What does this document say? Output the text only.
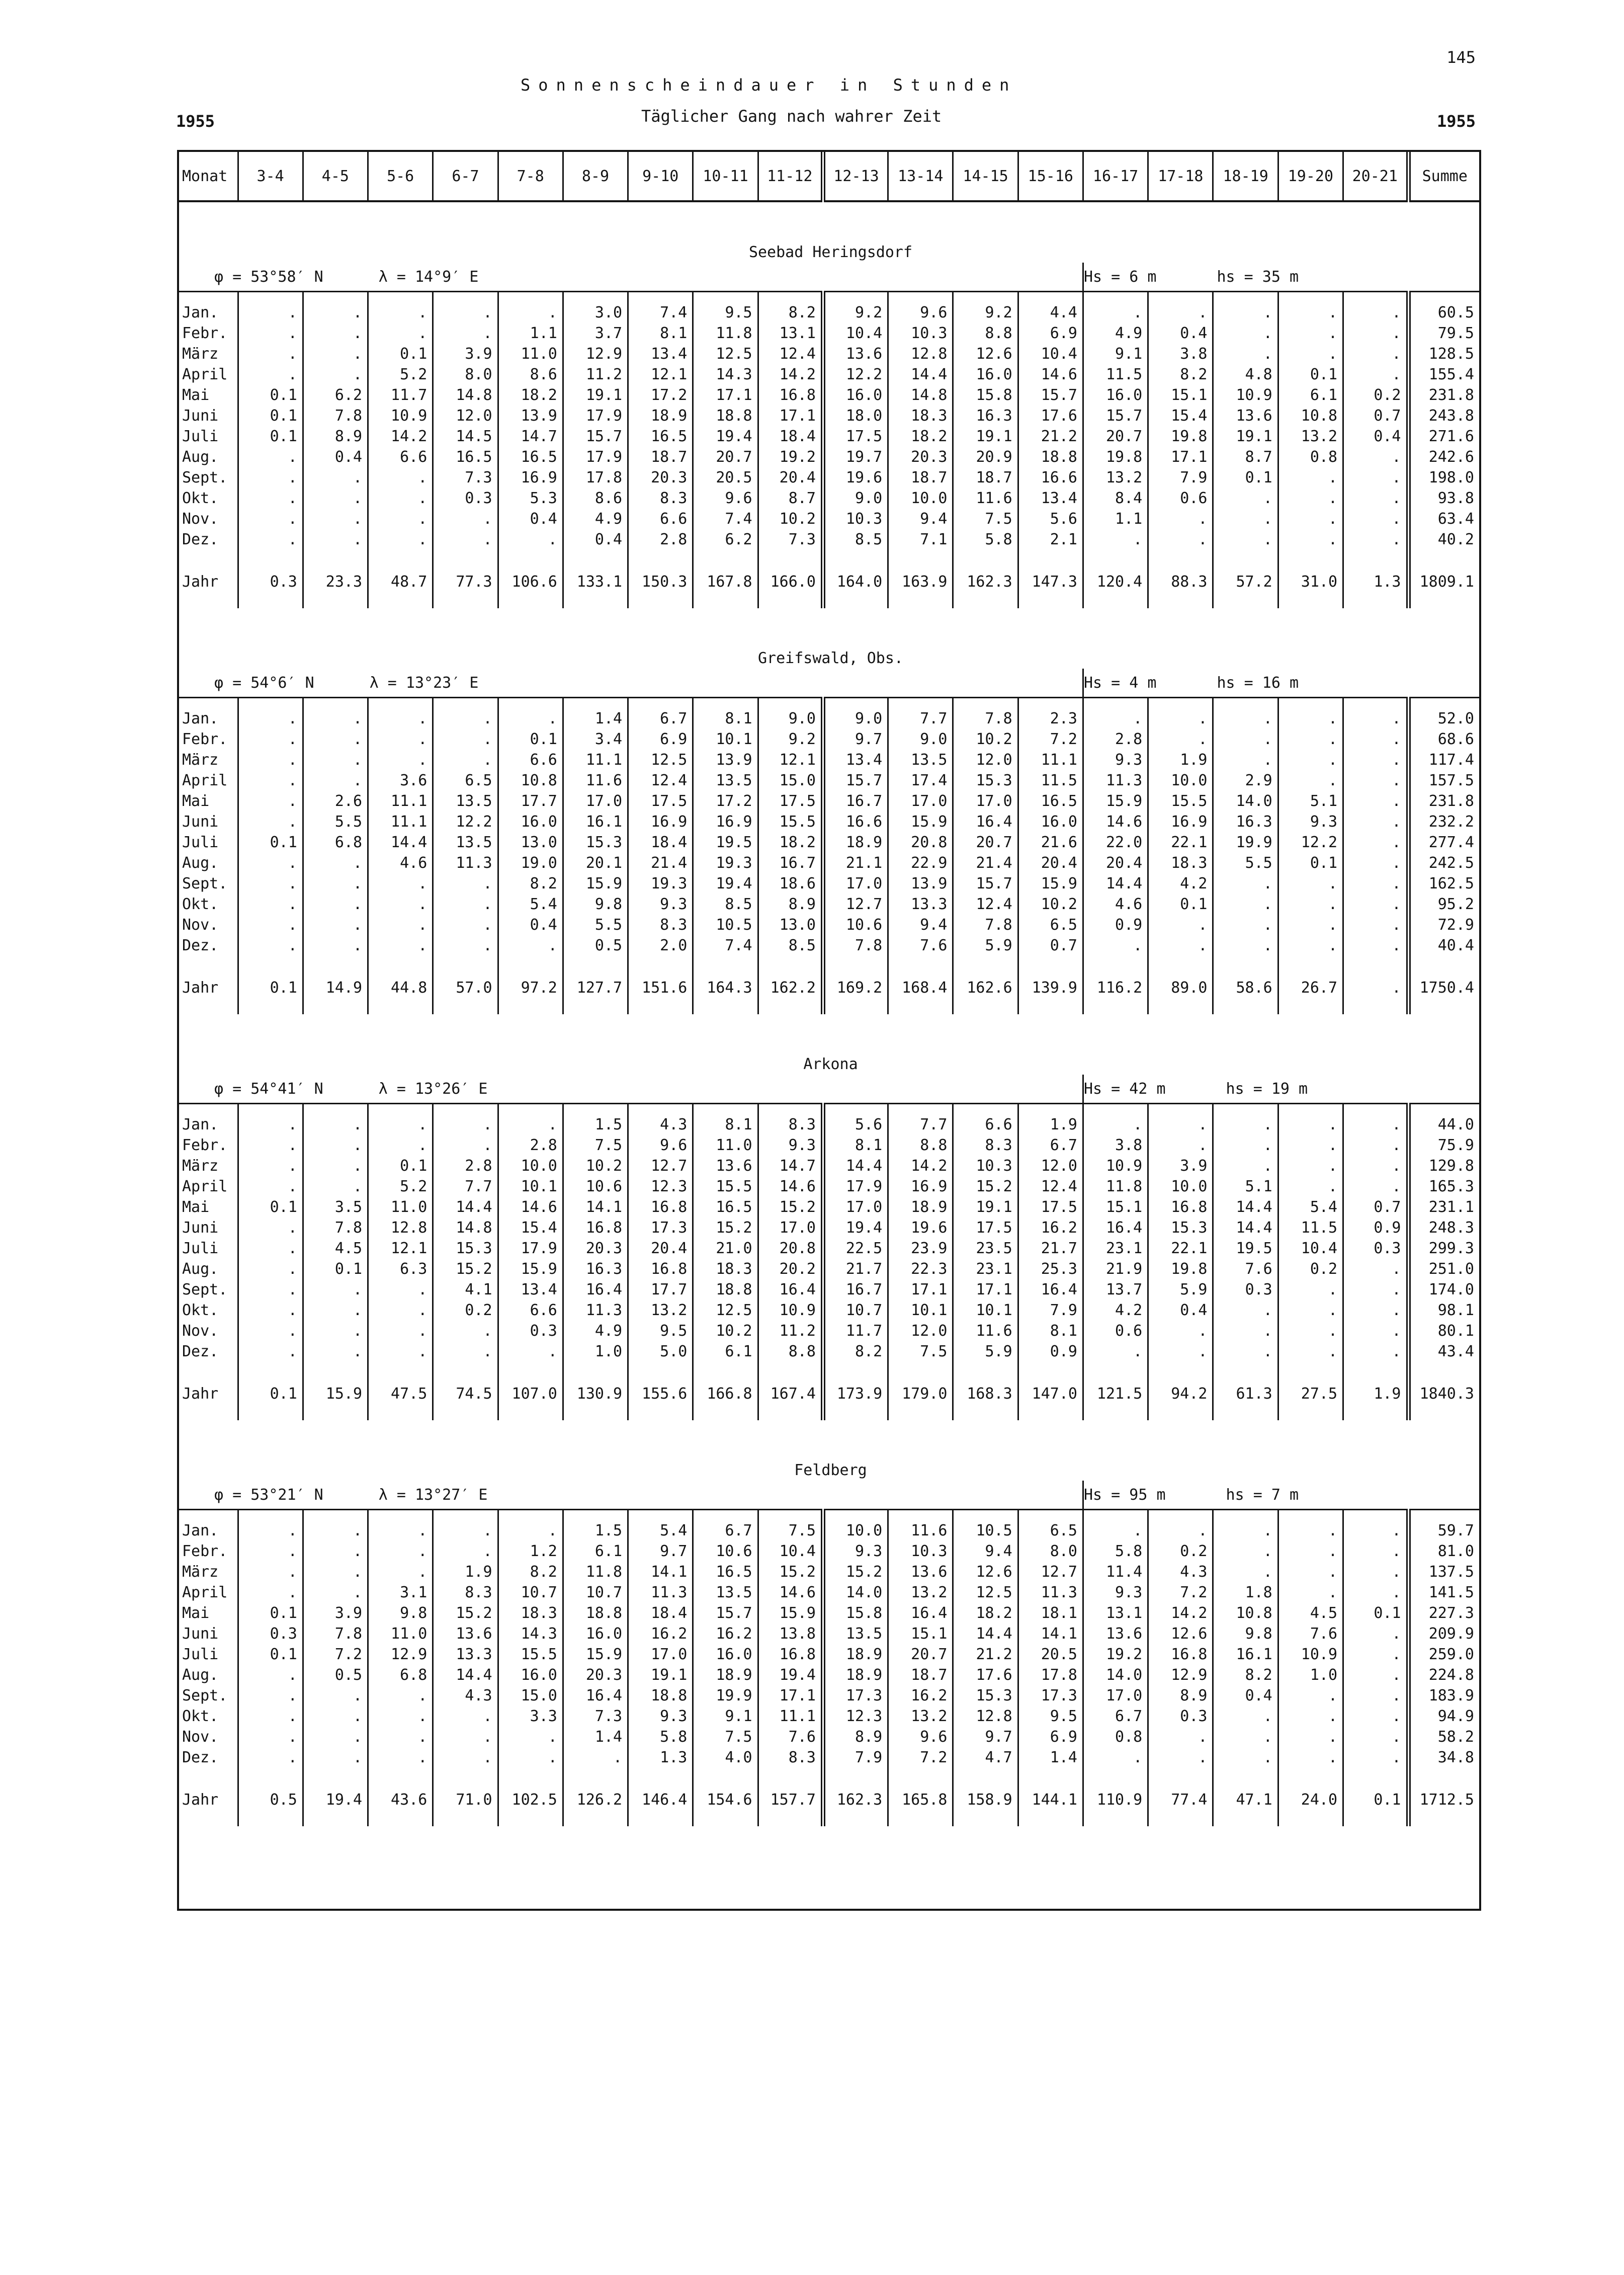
145
Sonnenscheindauer in Stunden
Täglicher Gang nach wahrer Zeit
1955	1955
Monat	3-4	4-5	5-6	6-7	7-8	8-9	9-10	10-11	11-12	12-13	13-14	14-15	15-16	16-17	17-18	18-19	19-20	20-21	Summe
Seebad Heringsdorf																			
φ = 53°58′ N λ = 14°9′ E														Hs = 6 m hs = 35 m					

Jan.	.	.	.	.	.	3.0	7.4	9.5	8.2	9.2	9.6	9.2	4.4	.	.	.	.	.	60.5
Febr.	.	.	.	.	1.1	3.7	8.1	11.8	13.1	10.4	10.3	8.8	6.9	4.9	0.4	.	.	.	79.5
März	.	.	0.1	3.9	11.0	12.9	13.4	12.5	12.4	13.6	12.8	12.6	10.4	9.1	3.8	.	.	.	128.5
April	.	.	5.2	8.0	8.6	11.2	12.1	14.3	14.2	12.2	14.4	16.0	14.6	11.5	8.2	4.8	0.1	.	155.4
Mai	0.1	6.2	11.7	14.8	18.2	19.1	17.2	17.1	16.8	16.0	14.8	15.8	15.7	16.0	15.1	10.9	6.1	0.2	231.8
Juni	0.1	7.8	10.9	12.0	13.9	17.9	18.9	18.8	17.1	18.0	18.3	16.3	17.6	15.7	15.4	13.6	10.8	0.7	243.8
Juli	0.1	8.9	14.2	14.5	14.7	15.7	16.5	19.4	18.4	17.5	18.2	19.1	21.2	20.7	19.8	19.1	13.2	0.4	271.6
Aug.	.	0.4	6.6	16.5	16.5	17.9	18.7	20.7	19.2	19.7	20.3	20.9	18.8	19.8	17.1	8.7	0.8	.	242.6
Sept.	.	.	.	7.3	16.9	17.8	20.3	20.5	20.4	19.6	18.7	18.7	16.6	13.2	7.9	0.1	.	.	198.0
Okt.	.	.	.	0.3	5.3	8.6	8.3	9.6	8.7	9.0	10.0	11.6	13.4	8.4	0.6	.	.	.	93.8
Nov.	.	.	.	.	0.4	4.9	6.6	7.4	10.2	10.3	9.4	7.5	5.6	1.1	.	.	.	.	63.4
Dez.	.	.	.	.	.	0.4	2.8	6.2	7.3	8.5	7.1	5.8	2.1	.	.	.	.	.	40.2

Jahr	0.3	23.3	48.7	77.3	106.6	133.1	150.3	167.8	166.0	164.0	163.9	162.3	147.3	120.4	88.3	57.2	31.0	1.3	1809.1

Greifswald, Obs.																			
φ = 54°6′ N λ = 13°23′ E														Hs = 4 m hs = 16 m					

Jan.	.	.	.	.	.	1.4	6.7	8.1	9.0	9.0	7.7	7.8	2.3	.	.	.	.	.	52.0
Febr.	.	.	.	.	0.1	3.4	6.9	10.1	9.2	9.7	9.0	10.2	7.2	2.8	.	.	.	.	68.6
März	.	.	.	.	6.6	11.1	12.5	13.9	12.1	13.4	13.5	12.0	11.1	9.3	1.9	.	.	.	117.4
April	.	.	3.6	6.5	10.8	11.6	12.4	13.5	15.0	15.7	17.4	15.3	11.5	11.3	10.0	2.9	.	.	157.5
Mai	.	2.6	11.1	13.5	17.7	17.0	17.5	17.2	17.5	16.7	17.0	17.0	16.5	15.9	15.5	14.0	5.1	.	231.8
Juni	.	5.5	11.1	12.2	16.0	16.1	16.9	16.9	15.5	16.6	15.9	16.4	16.0	14.6	16.9	16.3	9.3	.	232.2
Juli	0.1	6.8	14.4	13.5	13.0	15.3	18.4	19.5	18.2	18.9	20.8	20.7	21.6	22.0	22.1	19.9	12.2	.	277.4
Aug.	.	.	4.6	11.3	19.0	20.1	21.4	19.3	16.7	21.1	22.9	21.4	20.4	20.4	18.3	5.5	0.1	.	242.5
Sept.	.	.	.	.	8.2	15.9	19.3	19.4	18.6	17.0	13.9	15.7	15.9	14.4	4.2	.	.	.	162.5
Okt.	.	.	.	.	5.4	9.8	9.3	8.5	8.9	12.7	13.3	12.4	10.2	4.6	0.1	.	.	.	95.2
Nov.	.	.	.	.	0.4	5.5	8.3	10.5	13.0	10.6	9.4	7.8	6.5	0.9	.	.	.	.	72.9
Dez.	.	.	.	.	.	0.5	2.0	7.4	8.5	7.8	7.6	5.9	0.7	.	.	.	.	.	40.4

Jahr	0.1	14.9	44.8	57.0	97.2	127.7	151.6	164.3	162.2	169.2	168.4	162.6	139.9	116.2	89.0	58.6	26.7	.	1750.4

Arkona																			
φ = 54°41′ N λ = 13°26′ E														Hs = 42 m hs = 19 m					

Jan.	.	.	.	.	.	1.5	4.3	8.1	8.3	5.6	7.7	6.6	1.9	.	.	.	.	.	44.0
Febr.	.	.	.	.	2.8	7.5	9.6	11.0	9.3	8.1	8.8	8.3	6.7	3.8	.	.	.	.	75.9
März	.	.	0.1	2.8	10.0	10.2	12.7	13.6	14.7	14.4	14.2	10.3	12.0	10.9	3.9	.	.	.	129.8
April	.	.	5.2	7.7	10.1	10.6	12.3	15.5	14.6	17.9	16.9	15.2	12.4	11.8	10.0	5.1	.	.	165.3
Mai	0.1	3.5	11.0	14.4	14.6	14.1	16.8	16.5	15.2	17.0	18.9	19.1	17.5	15.1	16.8	14.4	5.4	0.7	231.1
Juni	.	7.8	12.8	14.8	15.4	16.8	17.3	15.2	17.0	19.4	19.6	17.5	16.2	16.4	15.3	14.4	11.5	0.9	248.3
Juli	.	4.5	12.1	15.3	17.9	20.3	20.4	21.0	20.8	22.5	23.9	23.5	21.7	23.1	22.1	19.5	10.4	0.3	299.3
Aug.	.	0.1	6.3	15.2	15.9	16.3	16.8	18.3	20.2	21.7	22.3	23.1	25.3	21.9	19.8	7.6	0.2	.	251.0
Sept.	.	.	.	4.1	13.4	16.4	17.7	18.8	16.4	16.7	17.1	17.1	16.4	13.7	5.9	0.3	.	.	174.0
Okt.	.	.	.	0.2	6.6	11.3	13.2	12.5	10.9	10.7	10.1	10.1	7.9	4.2	0.4	.	.	.	98.1
Nov.	.	.	.	.	0.3	4.9	9.5	10.2	11.2	11.7	12.0	11.6	8.1	0.6	.	.	.	.	80.1
Dez.	.	.	.	.	.	1.0	5.0	6.1	8.8	8.2	7.5	5.9	0.9	.	.	.	.	.	43.4

Jahr	0.1	15.9	47.5	74.5	107.0	130.9	155.6	166.8	167.4	173.9	179.0	168.3	147.0	121.5	94.2	61.3	27.5	1.9	1840.3

Feldberg																			
φ = 53°21′ N λ = 13°27′ E														Hs = 95 m hs = 7 m					

Jan.	.	.	.	.	.	1.5	5.4	6.7	7.5	10.0	11.6	10.5	6.5	.	.	.	.	.	59.7
Febr.	.	.	.	.	1.2	6.1	9.7	10.6	10.4	9.3	10.3	9.4	8.0	5.8	0.2	.	.	.	81.0
März	.	.	.	1.9	8.2	11.8	14.1	16.5	15.2	15.2	13.6	12.6	12.7	11.4	4.3	.	.	.	137.5
April	.	.	3.1	8.3	10.7	10.7	11.3	13.5	14.6	14.0	13.2	12.5	11.3	9.3	7.2	1.8	.	.	141.5
Mai	0.1	3.9	9.8	15.2	18.3	18.8	18.4	15.7	15.9	15.8	16.4	18.2	18.1	13.1	14.2	10.8	4.5	0.1	227.3
Juni	0.3	7.8	11.0	13.6	14.3	16.0	16.2	16.2	13.8	13.5	15.1	14.4	14.1	13.6	12.6	9.8	7.6	.	209.9
Juli	0.1	7.2	12.9	13.3	15.5	15.9	17.0	16.0	16.8	18.9	20.7	21.2	20.5	19.2	16.8	16.1	10.9	.	259.0
Aug.	.	0.5	6.8	14.4	16.0	20.3	19.1	18.9	19.4	18.9	18.7	17.6	17.8	14.0	12.9	8.2	1.0	.	224.8
Sept.	.	.	.	4.3	15.0	16.4	18.8	19.9	17.1	17.3	16.2	15.3	17.3	17.0	8.9	0.4	.	.	183.9
Okt.	.	.	.	.	3.3	7.3	9.3	9.1	11.1	12.3	13.2	12.8	9.5	6.7	0.3	.	.	.	94.9
Nov.	.	.	.	.	.	1.4	5.8	7.5	7.6	8.9	9.6	9.7	6.9	0.8	.	.	.	.	58.2
Dez.	.	.	.	.	.	.	1.3	4.0	8.3	7.9	7.2	4.7	1.4	.	.	.	.	.	34.8

Jahr	0.5	19.4	43.6	71.0	102.5	126.2	146.4	154.6	157.7	162.3	165.8	158.9	144.1	110.9	77.4	47.1	24.0	0.1	1712.5
